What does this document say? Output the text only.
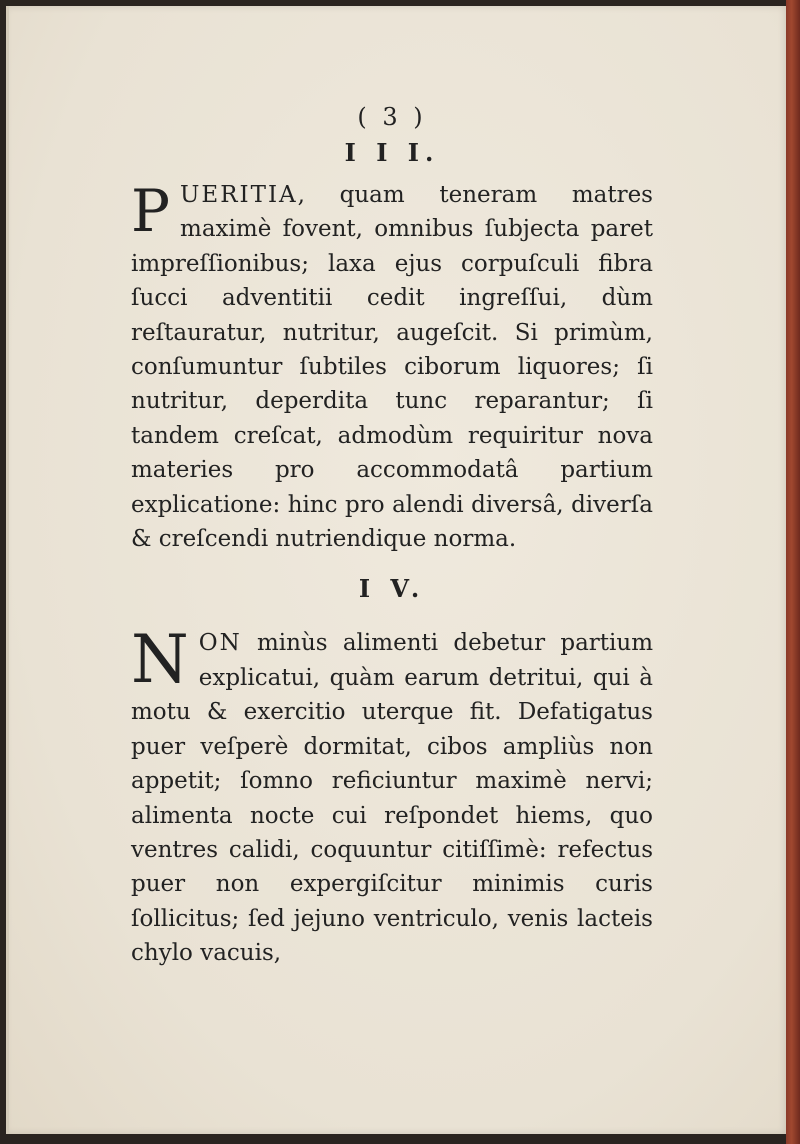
( 3 )
I I I.

PUERITIA, quam teneram matres maximè fovent, omnibus ſubjecta paret impreſſionibus; laxa ejus corpuſculi fibra ſucci adventitii cedit ingreſſui, dùm reſtauratur, nutritur, augeſcit. Si primùm, conſumuntur ſubtiles ciborum liquores; ſi nutritur, deperdita tunc reparantur; ſi tandem creſcat, admodùm requiritur nova materies pro accommodatâ partium explicatione: hinc pro alendi diversâ, diverſa & creſcendi nutriendique norma.

I V.

NON minùs alimenti debetur partium explicatui, quàm earum detritui, qui à motu & exercitio uterque fit. Defatigatus puer veſperè dormitat, cibos ampliùs non appetit; ſomno reficiuntur maximè nervi; alimenta nocte cui reſpondet hiems, quo ventres calidi, coquuntur citiſſimè: refectus puer non expergiſcitur minimis curis ſollicitus; ſed jejuno ventriculo, venis lacteis chylo vacuis,
